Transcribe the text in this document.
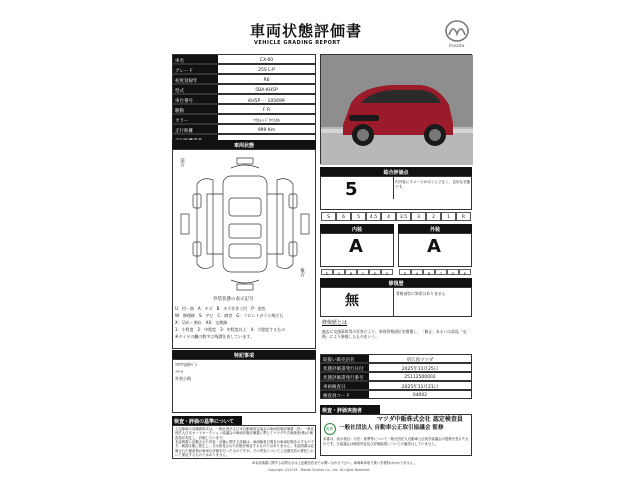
車両状態評価書
VEHICLE GRADING REPORT	mazda
車名	CX-60
グレード	25S L-P
初度登録年	R6
型式	5BA-KH5P
車台番号	KH5P － 105699
駆動	F R
カラー	ｿｳﾙﾚｯﾄﾞｸﾘｽﾀﾙ
走行距離	999 Km
車両状態
前方
後方
外装状態の表示記号
U：凹・曲　A：キズ　B：キズを伴う凹　P：塗色
W：修理跡　S：サビ　C：腐食　G：フロントガラス飛び石
X：切れ・割れ　XX：交換跡
1：小程度　2：中程度　3：中程度以上　4：大程度するもの
※タイヤの欄の数字は残溝を表しています。
特記事項
ﾌﾛｱ内部ｶﾍﾞﾝ
ﾐﾗｰﾙ
外装小傷
検査・評価の基準について
上記車両の評価資料次は、一般社団法人日本自動車査定協会の車両状態評価書（旧）一般社団法人日本オートオークション協議会の車両状態評価書に準じてマツダ中古車販売(株)の検査員が判定し、評価しています。
本証明書に記載された内容・評価に関する詳細は、車両検査日現在の車両状態を示すものです。検査以後に発生し、又は発見された状態を保証するものではありません。本証明書は記載された検査員が車両の評価を行ったものですが、その内容について上記販売店の責任において保証するものではありません。
総合評価点
5	内外装にダメージがほとんどなく、良好な状態です。
S	6	5	4.5	4	3.5	3	2	1	R
内装	外装
A	A
S	A	B	C	D	E	S	A	B	C	D	E
修復歴
無	骨格部位に異常はありません
修復歴とは
過去に交通事故等の災害により、車体骨格部位を損傷し、「修正」あるいは部品「交換」により修復したものをいう。
取扱い販売店名	府広島マツダ
状態評価書発行日付	2025年11月25日
状態評価書発行番号	25112500002
車両検査日	2025年11月21日
検査員コード	04002
検査・評価実施者
マツダ中販株式会社 認定検査員
監修 一般社団法人 自動車公正取引協議会 監修
本書は、表示項目・方法・基準等について一般社団法人自動車公正取引協議会の監修を受けたものです。当協議会は検査内容及び評価結果についての確認はしていません。
※本評価書に関するお問合せは上記販売店までお問い合わせ下さい。車両車体取り扱い手数料はかかりません。
Copyright (C)2019 - Mazda Chuhan Co., Ltd. All rights Reserved
